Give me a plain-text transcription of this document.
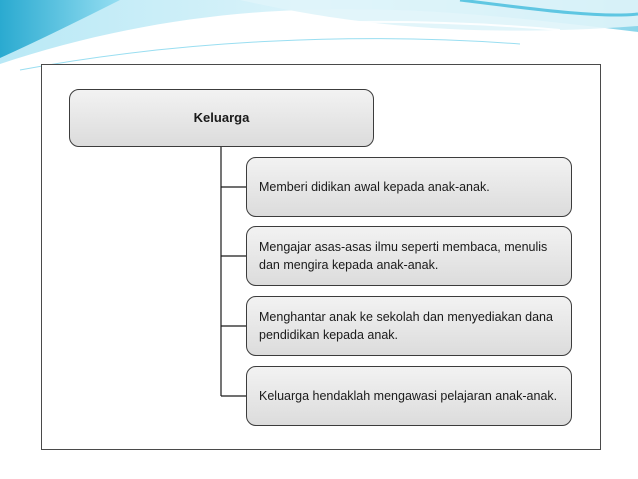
Keluarga
Memberi didikan awal kepada anak-anak.
Mengajar asas-asas ilmu seperti membaca, menulis dan mengira kepada anak-anak.
Menghantar anak ke sekolah dan menyediakan dana pendidikan kepada anak.
Keluarga hendaklah mengawasi pelajaran anak-anak.
